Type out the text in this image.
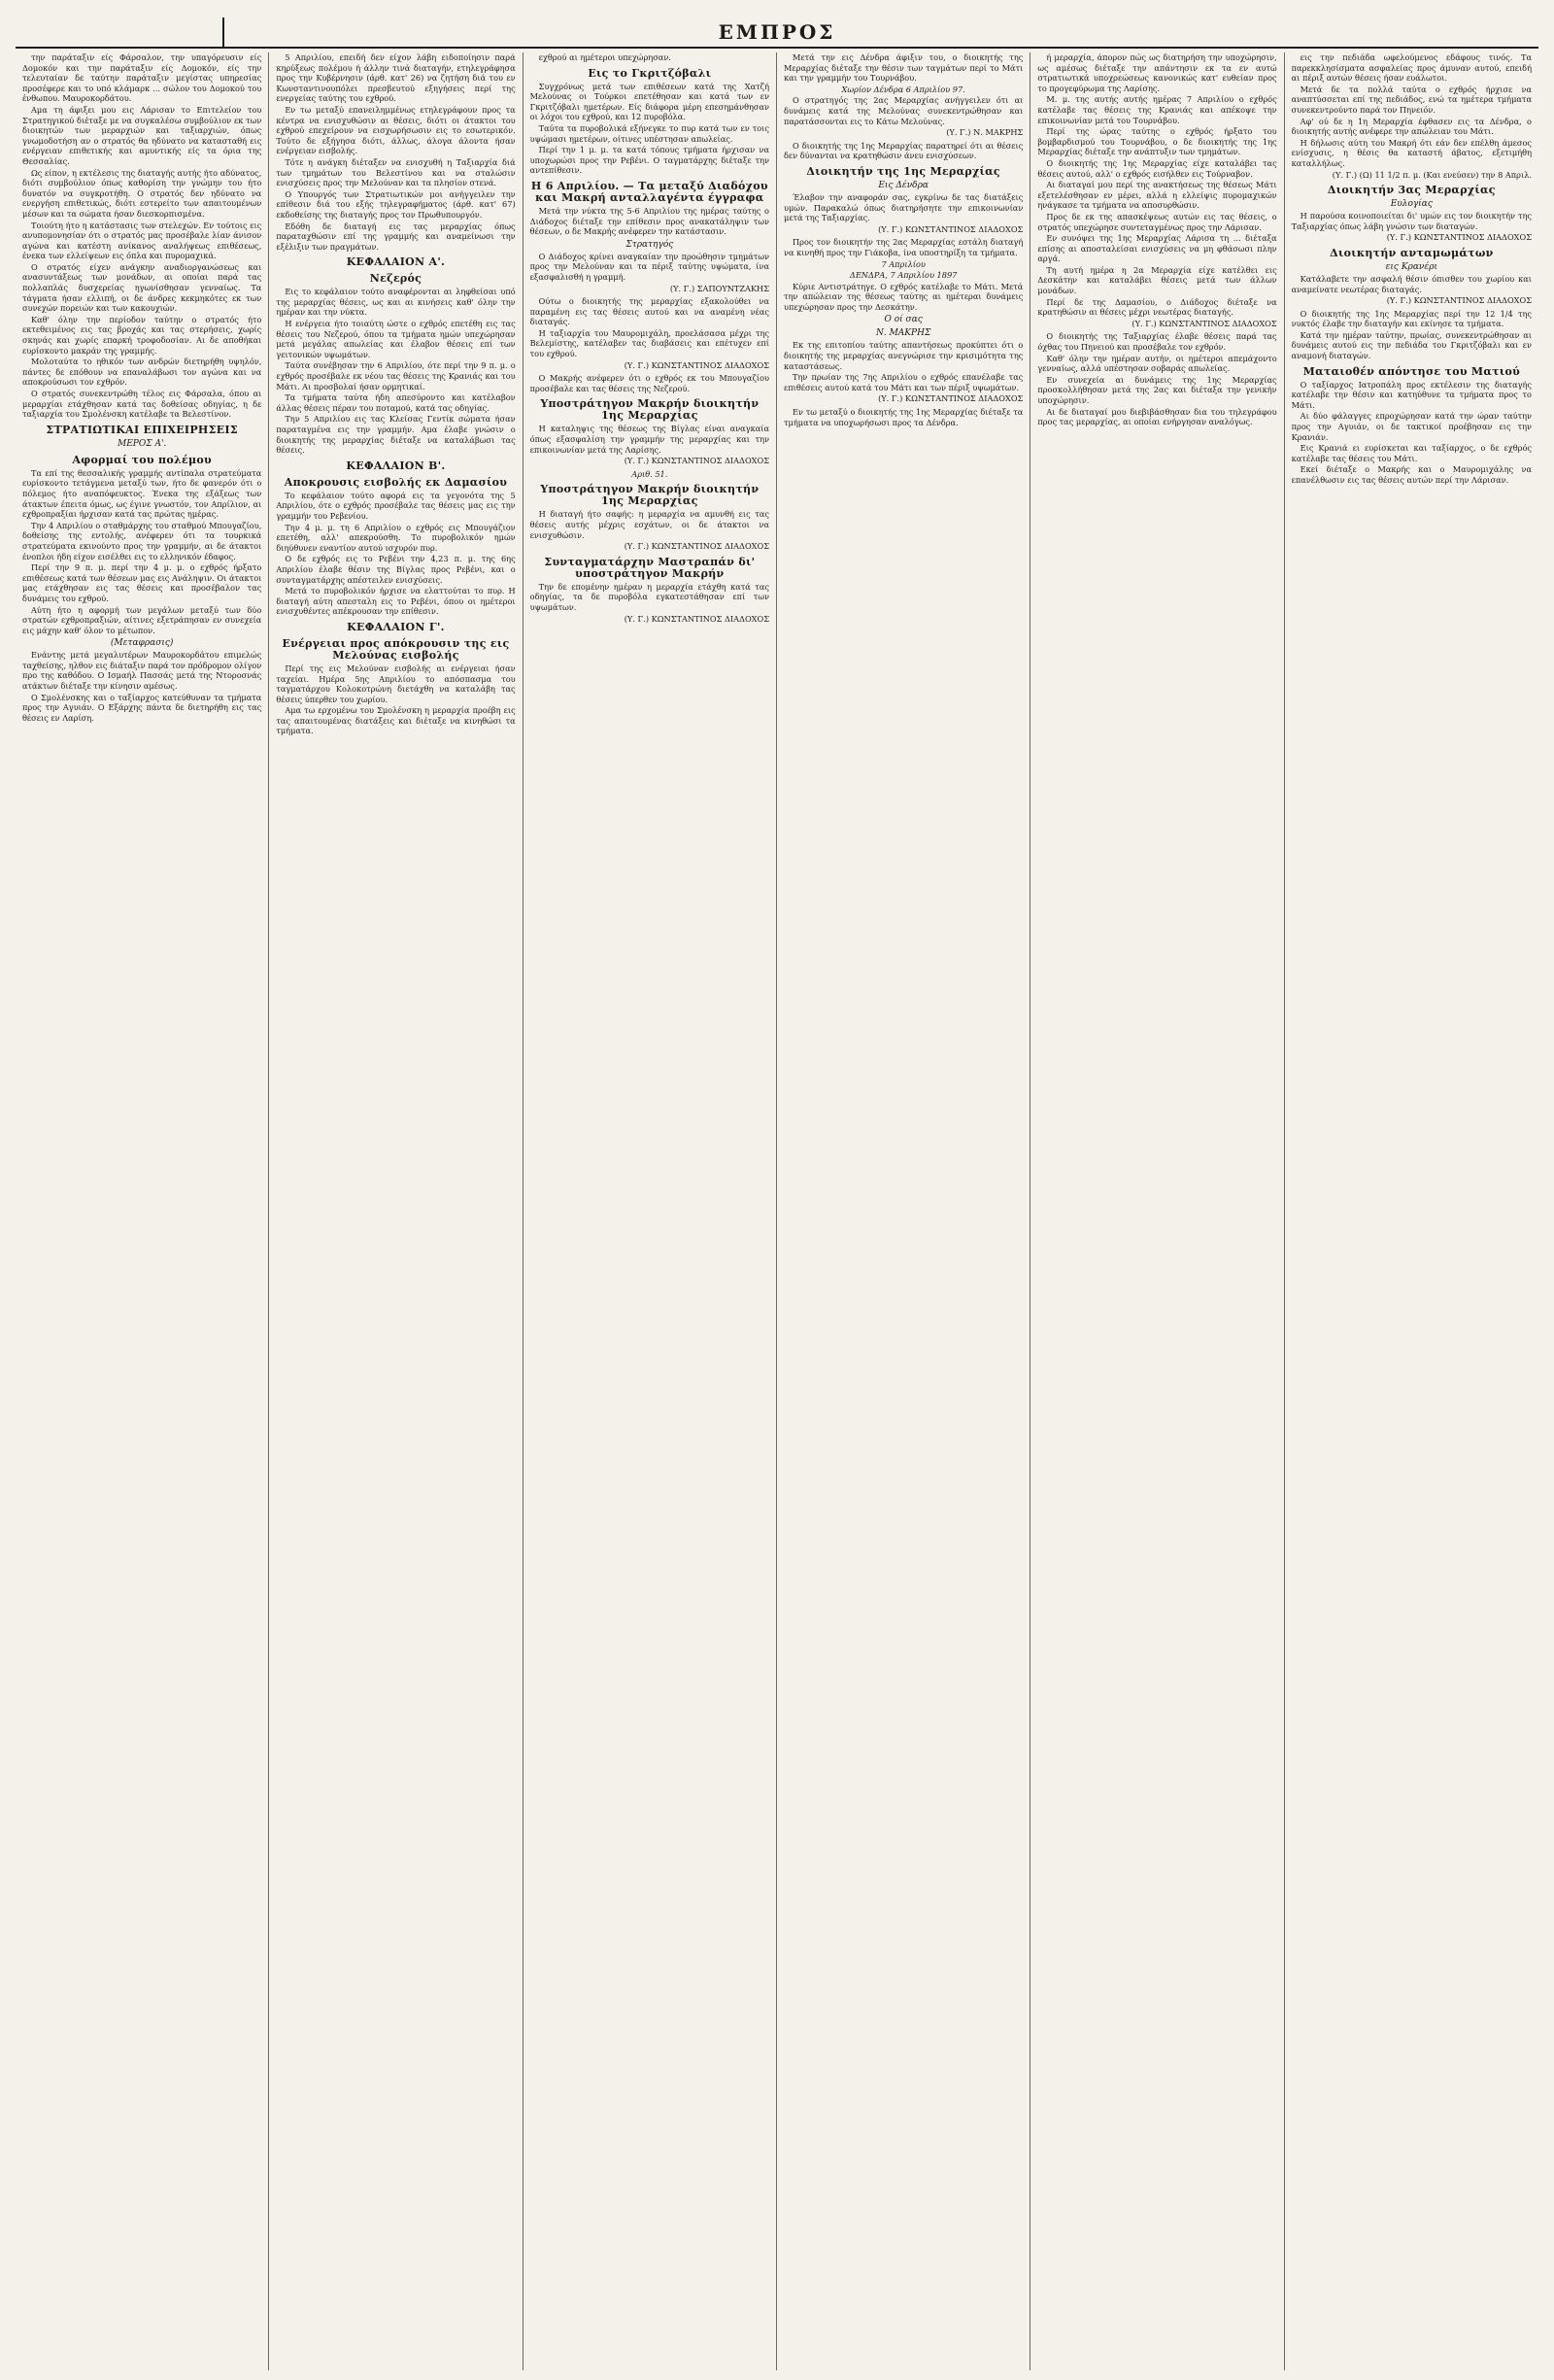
ΕΜΠΡΟΣ

την παράταξιν είς Φάρσαλον, την υπαγόρευσιν είς Δομοκόν και την παράταξιν είς Δομοκόν, είς την τελευταίαν δε ταύτην παράταξιν μεγίστας υπηρεσίας προσέφερε και το υπό κλάμαρκ ... σώλον του Δομοκού του ένθωπου. Μαυροκορδάτου.

Αμα τη άφιξει μου εις Λάρισαν το Επιτελείον του Στρατηγικού διέταξε με να συγκαλέσω συμβούλιον εκ των διοικητών των μεραρχιών και ταξιαρχιών, όπως γνωμοδοτήση αν ο στρατός θα ηδύνατο να κατασταθή εις ενέργειαν επιθετικής και αμυντικής είς τα όρια της Θεσσαλίας.

Ως είπον, η εκτέλεσις της διαταγής αυτής ήτο αδύνατος, διότι συμβούλιον όπως καθορίση την γνώμην του ήτο δυνατόν να συγκροτήθη. Ο στρατός δεν ηδύνατο να ενεργήση επιθετικώς, διότι εστερείτο των απαιτουμένων μέσων και τα σώματα ήσαν διεσκορπισμένα.

Τοιούτη ήτο η κατάστασις των στελεχών. Εν τούτοις εις ανυπομονησίαν ότι ο στρατός μας προσέβαλε λίαν άνισον αγώνα και κατέστη ανίκανος αναλήψεως επιθέσεως, ένεκα των ελλείψεων εις όπλα και πυρομαχικά.

Ο στρατός είχεν ανάγκην αναδιοργανώσεως και ανασυντάξεως των μονάδων, αι οποίαι παρά τας πολλαπλάς δυσχερείας ηγωνίσθησαν γενναίως. Τα τάγματα ήσαν ελλιπή, οι δε άνδρες κεκμηκότες εκ των συνεχών πορειών και των κακουχιών.

Καθ' όλην την περίοδον ταύτην ο στρατός ήτο εκτεθειμένος εις τας βροχάς και τας στερήσεις, χωρίς σκηνάς και χωρίς επαρκή τροφοδοσίαν. Αι δε αποθήκαι ευρίσκοντο μακράν της γραμμής.

Μολοταύτα το ηθικόν των ανδρών διετηρήθη υψηλόν, πάντες δε επόθουν να επαναλάβωσι τον αγώνα και να αποκρούσωσι τον εχθρόν.

Ο στρατός συνεκεντρώθη τέλος εις Φάρσαλα, όπου αι μεραρχίαι ετάχθησαν κατά τας δοθείσας οδηγίας, η δε ταξιαρχία του Σμολένσκη κατέλαβε τα Βελεστίνον.

ΣΤΡΑΤΙΩΤΙΚΑΙ ΕΠΙΧΕΙΡΗΣΕΙΣ
ΜΕΡΟΣ Α'.
Αφορμαί του πολέμου

Τα επί της θεσσαλικής γραμμής αντίπαλα στρατεύματα ευρίσκοντο τετάγμενα μεταξύ των, ήτο δε φανερόν ότι ο πόλεμος ήτο αναπόφευκτος. Ένεκα της εξάξεως των άτακτων έπειτα όμως, ως έγινε γνωστόν, τον Απρίλιον, αι εχθροπραξίαι ήρχισαν κατά τας πρώτας ημέρας.

Την 4 Απριλίου ο σταθμάρχης του σταθμού Μπουγαζίου, δοθείσης της εντολής, ανέφερεν ότι τα τουρκικά στρατεύματα εκινούντο προς την γραμμήν, αι δε άτακτοι ένοπλοι ήδη είχον εισέλθει εις το ελληνικόν έδαφος.

Περί την 9 π. μ. περί την 4 μ. μ. ο εχθρός ήρξατο επιθέσεως κατά των θέσεων μας εις Ανάληψιν. Οι άτακτοι μας ετάχθησαν εις τας θέσεις και προσέβαλον τας δυνάμεις του εχθρού.

Αύτη ήτο η αφορμή των μεγάλων μεταξύ των δύο στρατών εχθροπραξιών, αίτινες εξετράπησαν εν συνεχεία εις μάχην καθ' όλον το μέτωπον.

(Μεταφρασις)

Ενάντης μετά μεγαλυτέρων Μαυροκορδάτου επιμελώς ταχθείσης, ηλθον εις διάταξιν παρά τον πρόδρομον ολίγον προ της καθόδου. Ο Ισμαήλ Πασσάς μετά της Ντοροσνάς ατάκτων διέταξε την κίνησιν αμέσως.

Ο Σμολένσκης και ο ταξίαρχος κατεύθυναν τα τμήματα προς την Αγυιάν. Ο Εξάρχης πάντα δε διετηρήθη εις τας θέσεις εν Λαρίση.

5 Απριλίου, επειδή δεν είχον λάβη ειδοποίησιν παρά κηρύξεως πολέμου ή άλλην τινά διαταγήν, ετηλεγράφησα προς την Κυβέρνησιν (άρθ. κατ' 26) να ζητήση διά του εν Κωνσταντινουπόλει πρεσβευτού εξηγήσεις περί της ενεργείας ταύτης του εχθρού.

Εν τω μεταξύ επανειλημμένως ετηλεγράφουν προς τα κέντρα να ενισχυθώσιν αι θέσεις, διότι οι άτακτοι του εχθρού επεχείρουν να εισχωρήσωσιν εις το εσωτερικόν. Τούτο δε εξήγησα διότι, άλλως, άλογα άλοντα ήσαν ενέργειαν εισβολής.

Τότε η ανάγκη διέταξεν να ενισχυθή η Ταξιαρχία διά των τμημάτων του Βελεστίνου και να σταλώσιν ενισχύσεις προς την Μελούναν και τα πλησίον στενά.

Ο Υπουργός των Στρατιωτικών μοι ανήγγειλεν την επίθεσιν διά του εξής τηλεγραφήματος (άρθ. κατ' 67) εκδοθείσης της διαταγής προς τον Πρωθυπουργόν.

Εδόθη δε διαταγή εις τας μεραρχίας όπως παραταχθώσιν επί της γραμμής και αναμείνωσι την εξέλιξιν των πραγμάτων.

ΚΕΦΑΛΑΙΟΝ Α'.
Νεζερός

Εις το κεφάλαιον τούτο αναφέρονται αι ληφθείσαι υπό της μεραρχίας θέσεις, ως και αι κινήσεις καθ' όλην την ημέραν και την νύκτα.

Η ενέργεια ήτο τοιαύτη ώστε ο εχθρός επετέθη εις τας θέσεις του Νεζερού, όπου τα τμήματα ημών υπεχώρησαν μετά μεγάλας απωλείας και έλαβον θέσεις επί των γειτονικών υψωμάτων.

Ταύτα συνέβησαν την 6 Απριλίου, ότε περί την 9 π. μ. ο εχθρός προσέβαλε εκ νέου τας θέσεις της Κρανιάς και του Μάτι. Αι προσβολαί ήσαν ορμητικαί.

Τα τμήματα ταύτα ήδη απεσύροντο και κατέλαβον άλλας θέσεις πέραν του ποταμού, κατά τας οδηγίας.

Την 5 Απριλίου εις τας Κλείσας Γεντίκ σώματα ήσαν παραταγμένα εις την γραμμήν. Αμα έλαβε γνώσιν ο διοικητής της μεραρχίας διέταξε να καταλάβωσι τας θέσεις.

ΚΕΦΑΛΑΙΟΝ Β'.
Αποκρουσις εισβολής εκ Δαμασίου

Το κεφάλαιον τούτο αφορά εις τα γεγονότα της 5 Απριλίου, ότε ο εχθρός προσέβαλε τας θέσεις μας εις την γραμμήν του Ρεβενίου.

Την 4 μ. μ. τη 6 Απριλίου ο εχθρός εις Μπουγάζιον επετέθη, αλλ' απεκρούσθη. Το πυροβολικόν ημών διηύθυνεν εναντίον αυτού ισχυρόν πυρ.

Ο δε εχθρός εις το Ρεβένι την 4,23 π. μ. της 6ης Απριλίου έλαβε θέσιν της Βίγλας προς Ρεβένι, και ο συνταγματάρχης απέστειλεν ενισχύσεις.

Μετά το πυροβολικόν ήρχισε να ελαττούται το πυρ. Η διαταγή αύτη απεσταλη εις το Ρεβένι, όπου οι ημέτεροι ενισχυθέντες απέκρουσαν την επίθεσιν.

ΚΕΦΑΛΑΙΟΝ Γ'.
Ενέργειαι προς απόκρουσιν της εις Μελούνας εισβολής

Περί της εις Μελούναν εισβολής αι ενέργειαι ήσαν ταχείαι. Ημέρα 5ης Απριλίου το απόσπασμα του ταγματάρχου Κολοκοτρώνη διετάχθη να καταλάβη τας θέσεις ύπερθεν του χωρίου.

Αμα τω ερχομένω του Σμολένσκη η μεραρχία προέβη εις τας απαιτουμένας διατάξεις και διέταξε να κινηθώσι τα τμήματα.

εχθρού αι ημέτεροι υπεχώρησαν.

Εις το Γκριτζόβαλι

Συγχρόνως μετά των επιθέσεων κατά της Χατζή Μελούνας οι Τούρκοι επετέθησαν και κατά των εν Γκριτζόβαλι ημετέρων. Είς διάφορα μέρη επεσημάνθησαν οι λόχοι του εχθρού, και 12 πυροβόλα.

Ταύτα τα πυροβολικά εξήνεγκε το πυρ κατά των εν τοις υψώμασι ημετέρων, οίτινες υπέστησαν απωλείας.

Περί την 1 μ. μ. τα κατά τόπους τμήματα ήρχισαν να υποχωρώσι προς την Ρεβένι. Ο ταγματάρχης διέταξε την αντεπίθεσιν.

Η 6 Απριλίου. — Τα μεταξύ Διαδόχου και Μακρή ανταλλαγέντα έγγραφα

Μετά την νύκτα της 5-6 Απριλίου της ημέρας ταύτης ο Διάδοχος διέταξε την επίθεσιν προς ανακατάληψιν των θέσεων, ο δε Μακρής ανέφερεν την κατάστασιν.

Στρατηγός

Ο Διάδοχος κρίνει αναγκαίαν την προώθησιν τμημάτων προς την Μελούναν και τα πέριξ ταύτης υψώματα, ίνα εξασφαλισθή η γραμμή.

(Υ. Γ.) ΣΑΠΟΥΝΤΖΑΚΗΣ

Ούτω ο διοικητής της μεραρχίας εξακολούθει να παραμένη εις τας θέσεις αυτού και να αναμένη νέας διαταγάς.

Η ταξιαρχία του Μαυρομιχάλη, προελάσασα μέχρι της Βελεμίστης, κατέλαβεν τας διαβάσεις και επέτυχεν επί του εχθρού.

(Υ. Γ.) ΚΩΝΣΤΑΝΤΙΝΟΣ ΔΙΑΔΟΧΟΣ

Ο Μακρής ανέφερεν ότι ο εχθρός εκ του Μπουγαζίου προσέβαλε και τας θέσεις της Νεζερού.

Υποστράτηγον Μακρήν διοικητήν 1ης Μεραρχίας

Η καταληψις της θέσεως της Βίγλας είναι αναγκαία όπως εξασφαλίση την γραμμήν της μεραρχίας και την επικοινωνίαν μετά της Λαρίσης.

(Υ. Γ.) ΚΩΝΣΤΑΝΤΙΝΟΣ ΔΙΑΔΟΧΟΣ
Αριθ. 51.
Υποστράτηγον Μακρήν διοικητήν 1ης Μεραρχίας

Η διαταγή ήτο σαφής: η μεραρχία να αμυνθή εις τας θέσεις αυτής μέχρις εσχάτων, οι δε άτακτοι να ενισχυθώσιν.

(Υ. Γ.) ΚΩΝΣΤΑΝΤΙΝΟΣ ΔΙΑΔΟΧΟΣ
Συνταγματάρχην Μαστραπάν δι' υποστράτηγον Μακρήν

Την δε επομένην ημέραν η μεραρχία ετάχθη κατά τας οδηγίας, τα δε πυροβόλα εγκατεστάθησαν επί των υψωμάτων.

(Υ. Γ.) ΚΩΝΣΤΑΝΤΙΝΟΣ ΔΙΑΔΟΧΟΣ

Μετά την εις Δένδρα άφιξιν του, ο διοικητής της Μεραρχίας διέταξε την θέσιν των ταγμάτων περί το Μάτι και την γραμμήν του Τουρνάβου.

Χωρίον Δένδρα 6 Απριλίου 97.

Ο στρατηγός της 2ας Μεραρχίας ανήγγειλεν ότι αι δυνάμεις κατά της Μελούνας συνεκεντρώθησαν και παρατάσσονται εις το Κάτω Μελούνας.

(Υ. Γ.) Ν. ΜΑΚΡΗΣ

Ο διοικητής της 1ης Μεραρχίας παρατηρεί ότι αι θέσεις δεν δύνανται να κρατηθώσιν άνευ ενισχύσεων.

Διοικητήν της 1ης Μεραρχίας
Εις Δένδρα

Έλαβον την αναφοράν σας, εγκρίνω δε τας διατάξεις υμών. Παρακαλώ όπως διατηρήσητε την επικοινωνίαν μετά της Ταξιαρχίας.

(Υ. Γ.) ΚΩΝΣΤΑΝΤΙΝΟΣ ΔΙΑΔΟΧΟΣ

Προς τον διοικητήν της 2ας Μεραρχίας εστάλη διαταγή να κινηθή προς την Γιάκοβα, ίνα υποστηρίξη τα τμήματα.

7 Απριλίου
ΔΕΝΔΡΑ, 7 Απριλίου 1897

Κύριε Αντιστράτηγε. Ο εχθρός κατέλαβε το Μάτι. Μετά την απώλειαν της θέσεως ταύτης αι ημέτεραι δυνάμεις υπεχώρησαν προς την Δεσκάτην.

Ο οί σας
Ν. ΜΑΚΡΗΣ

Εκ της επιτοπίου ταύτης απαντήσεως προκύπτει ότι ο διοικητής της μεραρχίας ανεγνώρισε την κρισιμότητα της καταστάσεως.

Την πρωίαν της 7ης Απριλίου ο εχθρός επανέλαβε τας επιθέσεις αυτού κατά του Μάτι και των πέριξ υψωμάτων.

(Υ. Γ.) ΚΩΝΣΤΑΝΤΙΝΟΣ ΔΙΑΔΟΧΟΣ

Εν τω μεταξύ ο διοικητής της 1ης Μεραρχίας διέταξε τα τμήματα να υποχωρήσωσι προς τα Δένδρα.

ή μεραρχία, άπορον πώς ως διατηρήση την υποχώρησιν, ως αμέσως διέταξε την απάντησιν εκ τα εν αυτώ στρατιωτικά υποχρεώσεως κανονικώς κατ' ευθείαν προς το προγεφύρωμα της Λαρίσης.

Μ. μ. της αυτής αυτής ημέρας 7 Απριλίου ο εχθρός κατέλαβε τας θέσεις της Κρανιάς και απέκοψε την επικοινωνίαν μετά του Τουρνάβου.

Περί της ώρας ταύτης ο εχθρός ήρξατο του βομβαρδισμού του Τουρνάβου, ο δε διοικητής της 1ης Μεραρχίας διέταξε την ανάπτυξιν των τμημάτων.

Ο διοικητής της 1ης Μεραρχίας είχε καταλάβει τας θέσεις αυτού, αλλ' ο εχθρός εισήλθεν εις Τούρναβον.

Αι διαταγαί μου περί της ανακτήσεως της θέσεως Μάτι εξετελέσθησαν εν μέρει, αλλά η ελλείψις πυρομαχικών ηνάγκασε τα τμήματα να αποσυρθώσιν.

Προς δε εκ της απασκέψεως αυτών εις τας θέσεις, ο στρατός υπεχώρησε συντεταγμένως προς την Λάρισαν.

Εν συνόψει της 1ης Μεραρχίας Λάρισα τη ... διέταξα επίσης αι αποσταλείσαι ενισχύσεις να μη φθάσωσι πλην αργά.

Τη αυτή ημέρα η 2α Μεραρχία είχε κατέλθει εις Δεσκάτην και καταλάβει θέσεις μετά των άλλων μονάδων.

Περί δε της Δαμασίου, ο Διάδοχος διέταξε να κρατηθώσιν αι θέσεις μέχρι νεωτέρας διαταγής.

(Υ. Γ.) ΚΩΝΣΤΑΝΤΙΝΟΣ ΔΙΑΔΟΧΟΣ

Ο διοικητής της Ταξιαρχίας έλαβε θέσεις παρά τας όχθας του Πηνειού και προσέβαλε τον εχθρόν.

Καθ' όλην την ημέραν αυτήν, οι ημέτεροι απεμάχοντο γενναίως, αλλά υπέστησαν σοβαράς απωλείας.

Εν συνεχεία αι δυνάμεις της 1ης Μεραρχίας προσκολλήθησαν μετά της 2ας και διέταξα την γενικήν υποχώρησιν.

Αι δε διαταγαί μου διεβιβάσθησαν δια του τηλεγράφου προς τας μεραρχίας, αι οποίαι ενήργησαν αναλόγως.

εις την πεδιάδα ωφελούμενος εδάφους τινός. Τα παρεκκλησίσματα ασφαλείας προς άμυναν αυτού, επειδή αι πέριξ αυτών θέσεις ήσαν ευάλωτοι.

Μετά δε τα πολλά ταύτα ο εχθρός ήρχισε να αναπτύσσεται επί της πεδιάδος, ενώ τα ημέτερα τμήματα συνεκεντρούντο παρά τον Πηνειόν.

Αφ' ού δε η 1η Μεραρχία έφθασεν εις τα Δένδρα, ο διοικητής αυτής ανέφερε την απώλειαν του Μάτι.

Η δήλωσις αύτη του Μακρή ότι εάν δεν επέλθη άμεσος ενίσχυσις, η θέσις θα καταστή άβατος, εξετιμήθη καταλλήλως.

(Υ. Γ.) (Ω) 11 1/2 π. μ. (Και ενεύσεν) την 8 Απριλ.
Διοικητήν 3ας Μεραρχίας
Ευλογίας

Η παρούσα κοινοποιείται δι' υμών εις τον διοικητήν της Ταξιαρχίας όπως λάβη γνώσιν των διαταγών.

(Υ. Γ.) ΚΩΝΣΤΑΝΤΙΝΟΣ ΔΙΑΔΟΧΟΣ
Διοικητήν ανταμωμάτων
εις Κρανέρι

Κατάλαβετε την ασφαλή θέσιν όπισθεν του χωρίου και αναμείνατε νεωτέρας διαταγάς.

(Υ. Γ.) ΚΩΝΣΤΑΝΤΙΝΟΣ ΔΙΑΔΟΧΟΣ

Ο διοικητής της 1ης Μεραρχίας περί την 12 1/4 της νυκτός έλαβε την διαταγήν και εκίνησε τα τμήματα.

Κατά την ημέραν ταύτην, πρωίας, συνεκεντρώθησαν αι δυνάμεις αυτού εις την πεδιάδα του Γκριτζόβαλι και εν αναμονή διαταγών.

Ματαιοθέν απόντησε του Ματιού

Ο ταξίαρχος Ιατροπάλη προς εκτέλεσιν της διαταγής κατέλαβε την θέσιν και κατηύθυνε τα τμήματα προς το Μάτι.

Αι δύο φάλαγγες επροχώρησαν κατά την ώραν ταύτην προς την Αγυιάν, οι δε τακτικοί προέβησαν εις την Κρανιάν.

Εις Κρανιά ει ευρίσκεται και ταξίαρχος, ο δε εχθρός κατέλαβε τας θέσεις του Μάτι.

Εκεί διέταξε ο Μακρής και ο Μαυρομιχάλης να επανέλθωσιν εις τας θέσεις αυτών περί την Λάρισαν.
